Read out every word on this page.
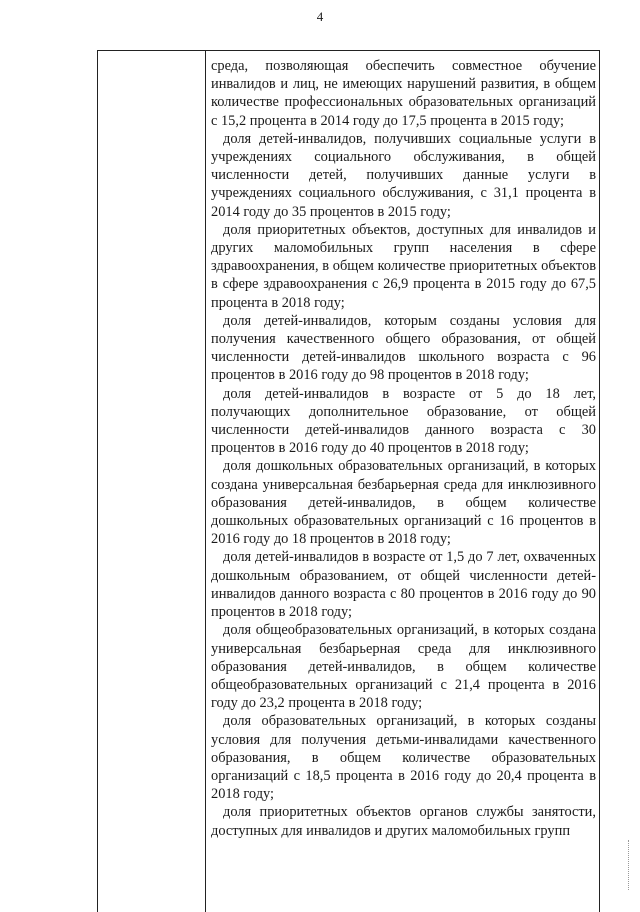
4

среда, позволяющая обеспечить совместное обучение инвалидов и лиц, не имеющих нарушений развития, в общем количестве профессиональных образовательных организаций с 15,2 процента в 2014 году до 17,5 процента в 2015 году;

доля детей-инвалидов, получивших социальные услуги в учреждениях социального обслуживания, в общей численности детей, получивших данные услуги в учреждениях социального обслуживания, с 31,1 процента в 2014 году до 35 процентов в 2015 году;

доля приоритетных объектов, доступных для инвалидов и других маломобильных групп населения в сфере здравоохранения, в общем количестве приоритетных объектов в сфере здравоохранения с 26,9 процента в 2015 году до 67,5 процента в 2018 году;

доля детей-инвалидов, которым созданы условия для получения качественного общего образования, от общей численности детей-инвалидов школьного возраста с 96 процентов в 2016 году до 98 процентов в 2018 году;

доля детей-инвалидов в возрасте от 5 до 18 лет, получающих дополнительное образование, от общей численности детей-инвалидов данного возраста с 30 процентов в 2016 году до 40 процентов в 2018 году;

доля дошкольных образовательных организаций, в которых создана универсальная безбарьерная среда для инклюзивного образования детей-инвалидов, в общем количестве дошкольных образовательных организаций с 16 процентов в 2016 году до 18 процентов в 2018 году;

доля детей-инвалидов в возрасте от 1,5 до 7 лет, охваченных дошкольным образованием, от общей численности детей-инвалидов данного возраста с 80 процентов в 2016 году до 90 процентов в 2018 году;

доля общеобразовательных организаций, в которых создана универсальная безбарьерная среда для инклюзивного образования детей-инвалидов, в общем количестве общеобразовательных организаций с 21,4 процента в 2016 году до 23,2 процента в 2018 году;

доля образовательных организаций, в которых созданы условия для получения детьми-инвалидами качественного образования, в общем количестве образовательных организаций с 18,5 процента в 2016 году до 20,4 процента в 2018 году;

доля приоритетных объектов органов службы занятости, доступных для инвалидов и других маломобильных групп
